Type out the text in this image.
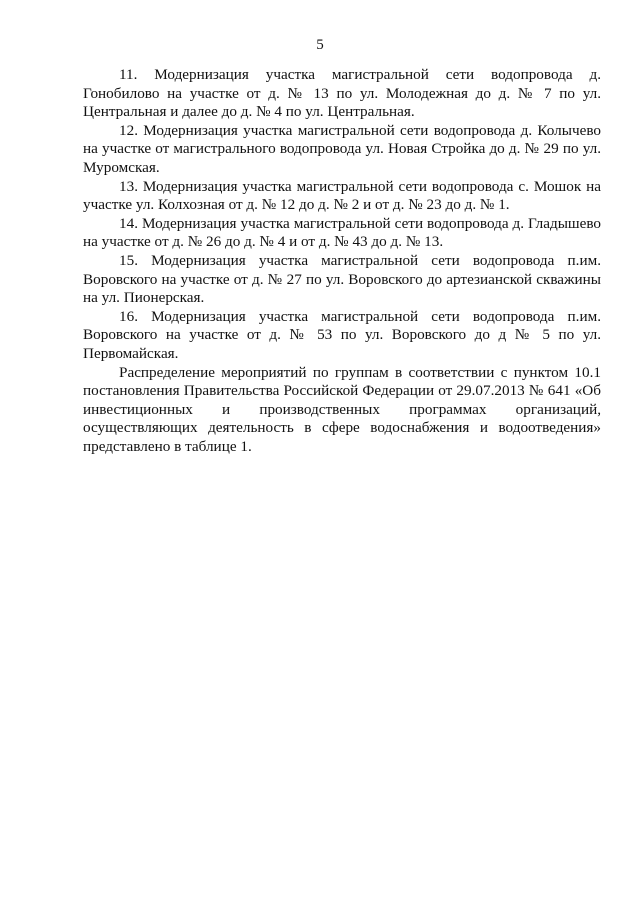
5

11. Модернизация участка магистральной сети водопровода д. Гонобилово на участке от д. № 13 по ул. Молодежная до д. № 7 по ул. Центральная и далее до д. № 4 по ул. Центральная.

12. Модернизация участка магистральной сети водопровода д. Колычево на участке от магистрального водопровода ул. Новая Стройка до д. № 29 по ул. Муромская.

13. Модернизация участка магистральной сети водопровода с. Мошок на участке ул. Колхозная от д. № 12 до д. № 2 и от д. № 23 до д. № 1.

14. Модернизация участка магистральной сети водопровода д. Гладышево на участке от д. № 26 до д. № 4 и от д. № 43 до д. № 13.

15. Модернизация участка магистральной сети водопровода п.им. Воровского на участке от д. № 27 по ул. Воровского до артезианской скважины на ул. Пионерская.

16. Модернизация участка магистральной сети водопровода п.им. Воровского на участке от д. № 53 по ул. Воровского до д № 5 по ул. Первомайская.

Распределение мероприятий по группам в соответствии с пунктом 10.1 постановления Правительства Российской Федерации от 29.07.2013 № 641 «Об инвестиционных и производственных программах организаций, осуществляющих деятельность в сфере водоснабжения и водоотведения» представлено в таблице 1.
